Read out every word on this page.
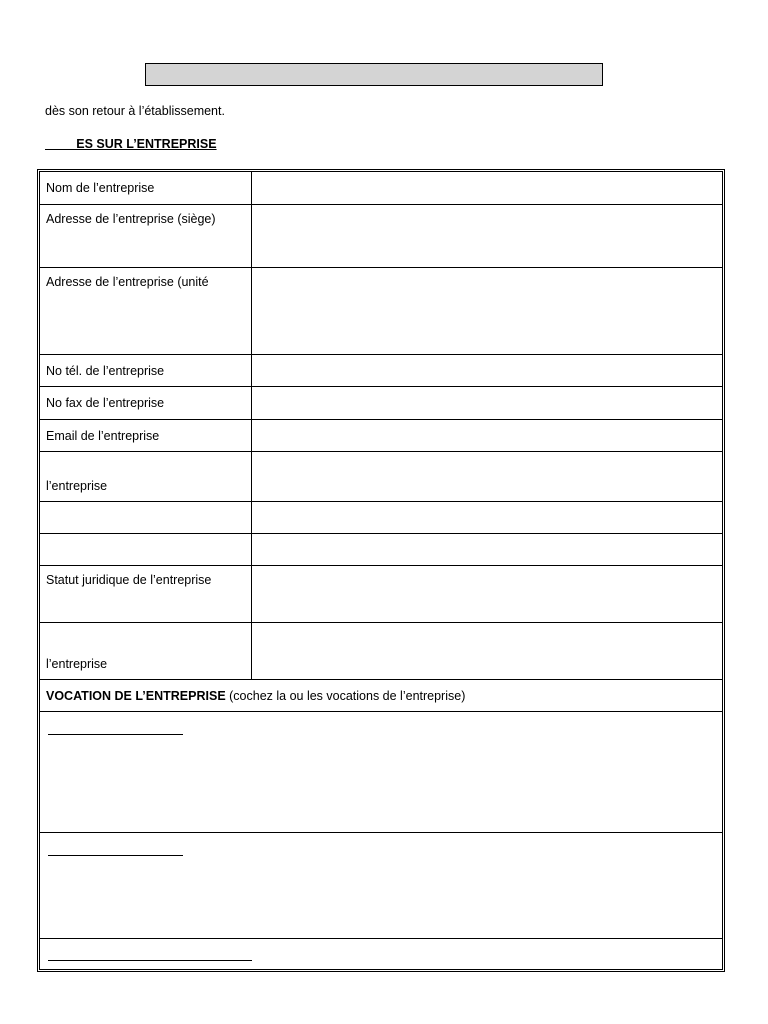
dès son retour à l’établissement.
ES SUR L’ENTREPRISE
Nom de l’entreprise
Adresse de l’entreprise (siège)
Adresse de l’entreprise (unité
No tél. de l’entreprise
No fax de l’entreprise
Email de l’entreprise
l’entreprise
Statut juridique de l’entreprise
l’entreprise
VOCATION DE L’ENTREPRISE (cochez la ou les vocations de l’entreprise)
